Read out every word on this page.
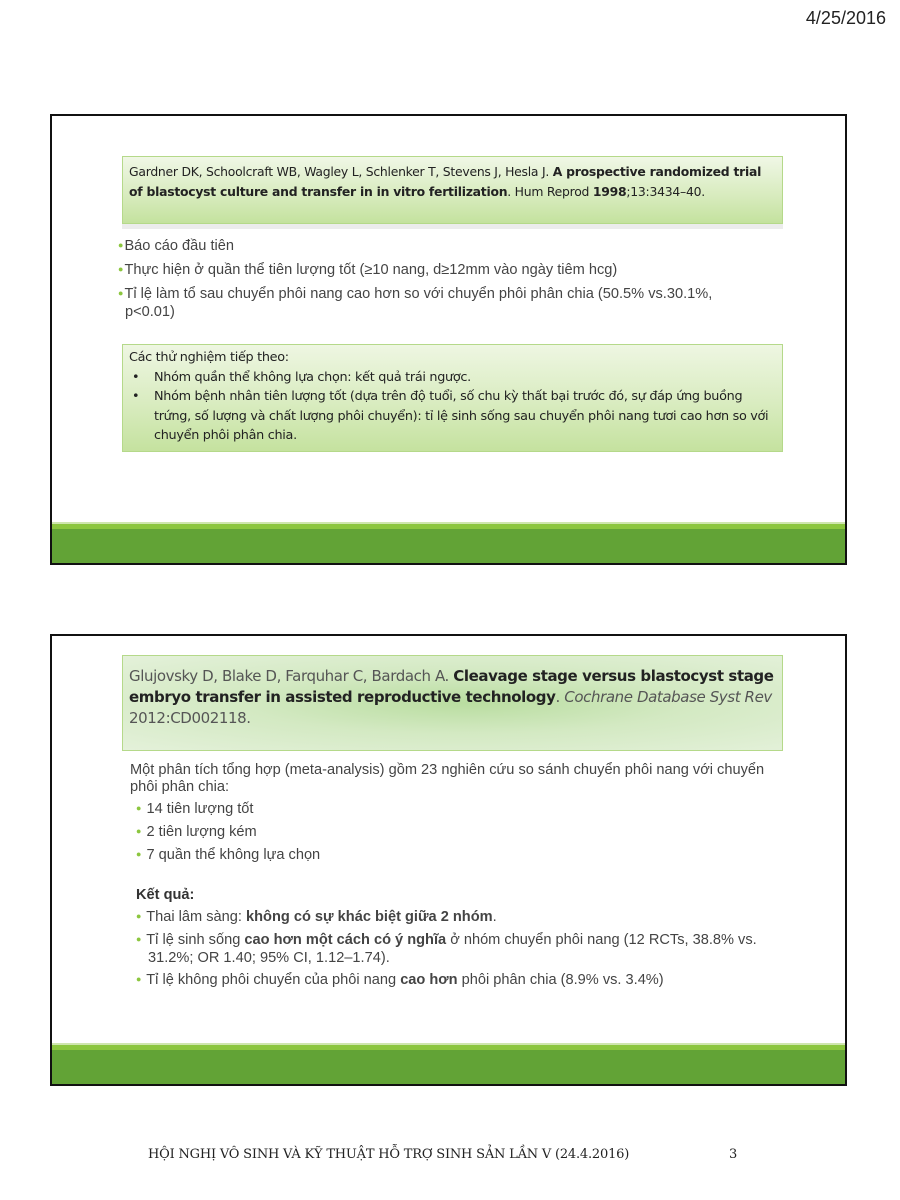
4/25/2016
Gardner DK, Schoolcraft WB, Wagley L, Schlenker T, Stevens J, Hesla J. A prospective randomized trial of blastocyst culture and transfer in in vitro fertilization. Hum Reprod 1998;13:3434–40.
●Báo cáo đầu tiên
●Thực hiện ở quần thể tiên lượng tốt (≥10 nang, d≥12mm vào ngày tiêm hcg)
●Tỉ lệ làm tổ sau chuyển phôi nang cao hơn so với chuyển phôi phân chia (50.5% vs.30.1%, p<0.01)
Các thử nghiệm tiếp theo:
•	Nhóm quần thể không lựa chọn: kết quả trái ngược.
•	Nhóm bệnh nhân tiên lượng tốt (dựa trên độ tuổi, số chu kỳ thất bại trước đó, sự đáp ứng buồng trứng, số lượng và chất lượng phôi chuyển): tỉ lệ sinh sống sau chuyển phôi nang tươi cao hơn so với chuyển phôi phân chia.
Glujovsky D, Blake D, Farquhar C, Bardach A. Cleavage stage versus blastocyst stage embryo transfer in assisted reproductive technology. Cochrane Database Syst Rev 2012:CD002118.
Một phân tích tổng hợp (meta-analysis) gồm 23 nghiên cứu so sánh chuyển phôi nang với chuyển phôi phân chia:
● 14 tiên lượng tốt
● 2 tiên lượng kém
● 7 quần thể không lựa chọn
Kết quả:
● Thai lâm sàng: không có sự khác biệt giữa 2 nhóm.
● Tỉ lệ sinh sống cao hơn một cách có ý nghĩa ở nhóm chuyển phôi nang (12 RCTs, 38.8% vs. 31.2%; OR 1.40; 95% CI, 1.12–1.74).
● Tỉ lệ không phôi chuyển của phôi nang cao hơn phôi phân chia (8.9% vs. 3.4%)
HỘI NGHỊ VÔ SINH VÀ KỸ THUẬT HỖ TRỢ SINH SẢN LẦN V (24.4.2016)	3
